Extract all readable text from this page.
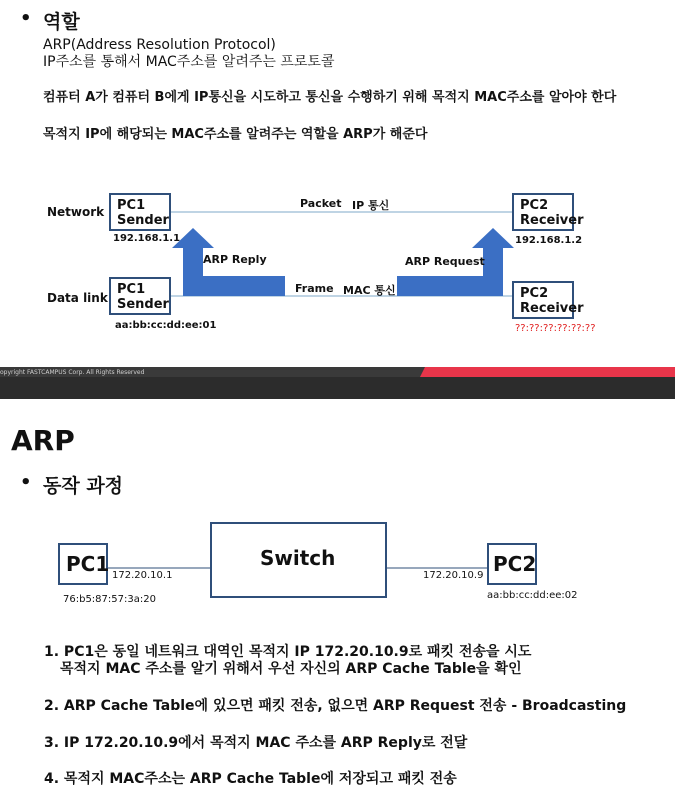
• 역할
ARP(Address Resolution Protocol)
IP주소를 통해서 MAC주소를 알려주는 프로토콜
컴퓨터 A가 컴퓨터 B에게 IP통신을 시도하고 통신을 수행하기 위해 목적지 MAC주소를 알아야 한다
목적지 IP에 해당되는 MAC주소를 알려주는 역할을 ARP가 해준다
Network
Data link
PC1
Sender
192.168.1.1
PC2
Receiver
192.168.1.2
Packet IP 통신
ARP Reply	ARP Request
PC1
Sender
aa:bb:cc:dd:ee:01
PC2
Receiver
??:??:??:??:??:??
Frame MAC 통신
opyright FASTCAMPUS Corp. All Rights Reserved
ARP
• 동작 과정
PC1	Switch	PC2
172.20.10.1	172.20.10.9
76:b5:87:57:3a:20	aa:bb:cc:dd:ee:02
1. PC1은 동일 네트워크 대역인 목적지 IP 172.20.10.9로 패킷 전송을 시도
목적지 MAC 주소를 알기 위해서 우선 자신의 ARP Cache Table을 확인
2. ARP Cache Table에 있으면 패킷 전송, 없으면 ARP Request 전송 - Broadcasting
3. IP 172.20.10.9에서 목적지 MAC 주소를 ARP Reply로 전달
4. 목적지 MAC주소는 ARP Cache Table에 저장되고 패킷 전송
